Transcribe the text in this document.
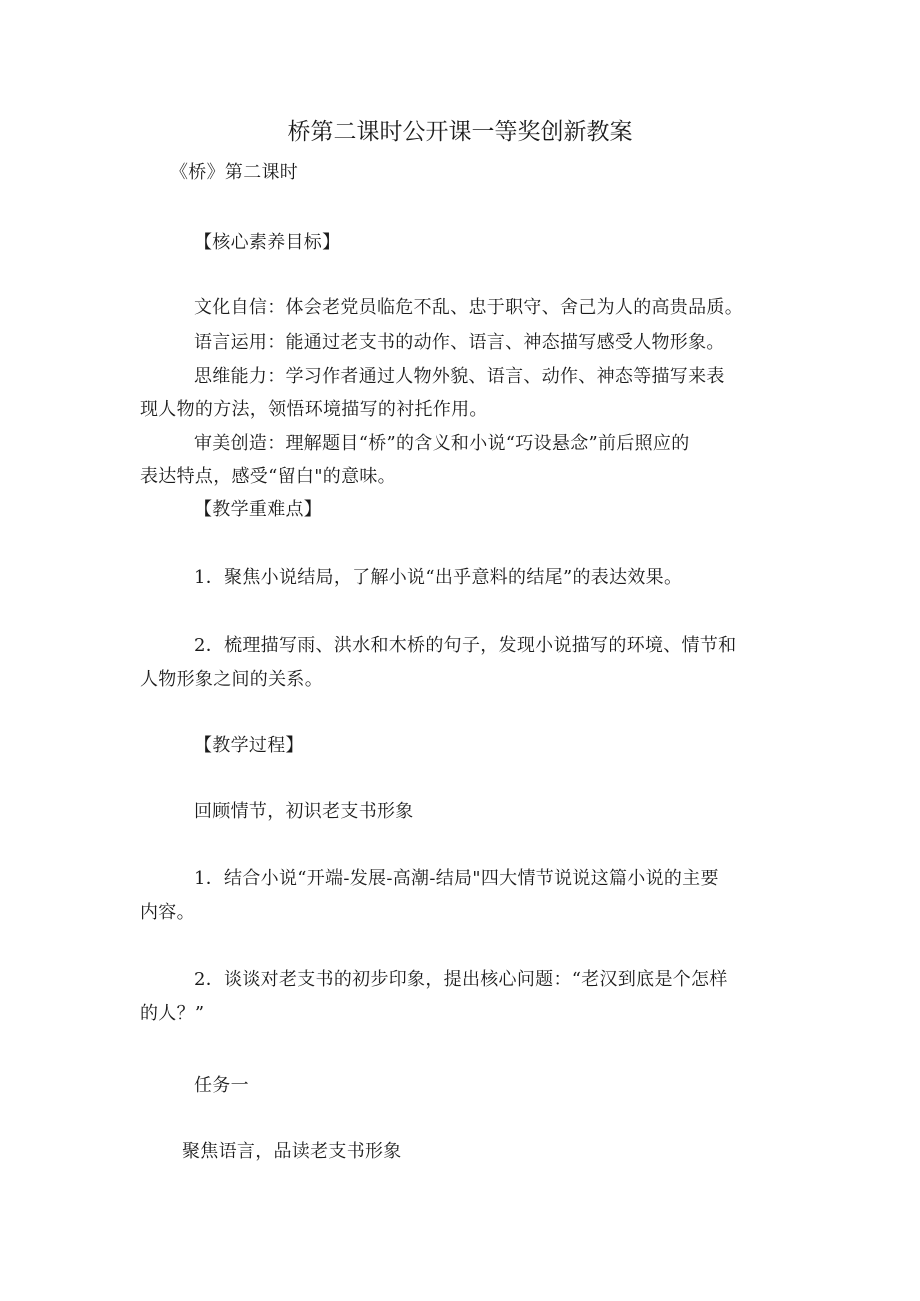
桥第二课时公开课一等奖创新教案
《桥》第二课时
【核心素养目标】
文化自信：体会老党员临危不乱、忠于职守、舍己为人的高贵品质。
语言运用：能通过老支书的动作、语言、神态描写感受人物形象。
思维能力：学习作者通过人物外貌、语言、动作、神态等描写来表
现人物的方法，领悟环境描写的衬托作用。
审美创造：理解题目“桥”的含义和小说“巧设悬念”前后照应的
表达特点，感受“留白"的意味。
【教学重难点】
1．聚焦小说结局，了解小说“出乎意料的结尾”的表达效果。
2．梳理描写雨、洪水和木桥的句子，发现小说描写的环境、情节和
人物形象之间的关系。
【教学过程】
回顾情节，初识老支书形象
1．结合小说“开端-发展-高潮-结局"四大情节说说这篇小说的主要
内容。
2．谈谈对老支书的初步印象，提出核心问题：“老汉到底是个怎样
的人？”
任务一
聚焦语言，品读老支书形象
